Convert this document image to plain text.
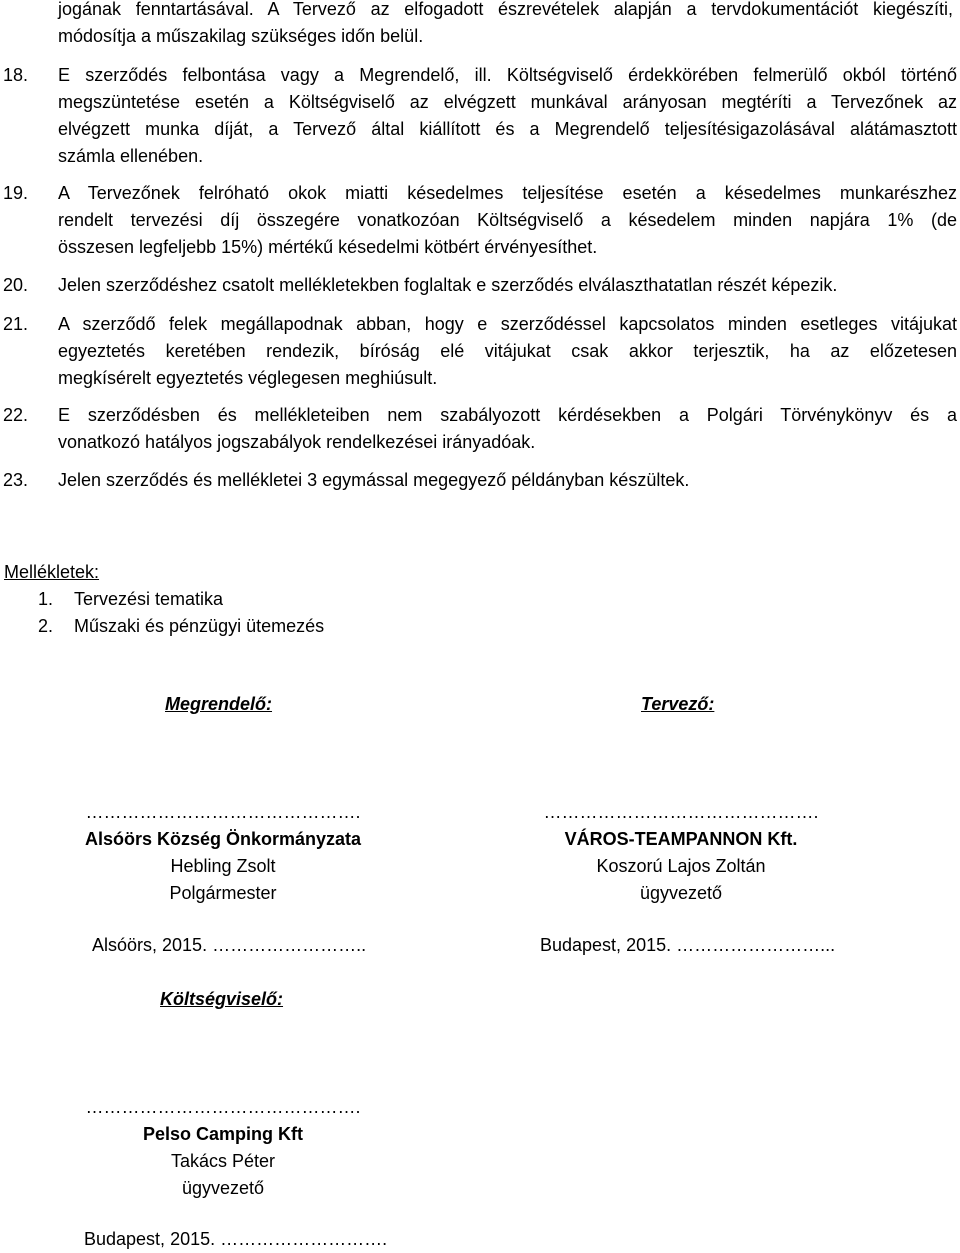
jogának fenntartásával. A Tervező az elfogadott észrevételek alapján a tervdokumentációt kiegészíti,
módosítja a műszakilag szükséges időn belül.
18. E szerződés felbontása vagy a Megrendelő, ill. Költségviselő érdekkörében felmerülő okból történő
megszüntetése esetén a Költségviselő az elvégzett munkával arányosan megtéríti a Tervezőnek az
elvégzett munka díját, a Tervező által kiállított és a Megrendelő teljesítésigazolásával alátámasztott
számla ellenében.
19. A Tervezőnek felróható okok miatti késedelmes teljesítése esetén a késedelmes munkarészhez
rendelt tervezési díj összegére vonatkozóan Költségviselő a késedelem minden napjára 1% (de
összesen legfeljebb 15%) mértékű késedelmi kötbért érvényesíthet.
20. Jelen szerződéshez csatolt mellékletekben foglaltak e szerződés elválaszthatatlan részét képezik.
21. A szerződő felek megállapodnak abban, hogy e szerződéssel kapcsolatos minden esetleges vitájukat
egyeztetés keretében rendezik, bíróság elé vitájukat csak akkor terjesztik, ha az előzetesen
megkísérelt egyeztetés véglegesen meghiúsult.
22. E szerződésben és mellékleteiben nem szabályozott kérdésekben a Polgári Törvénykönyv és a
vonatkozó hatályos jogszabályok rendelkezései irányadóak.
23. Jelen szerződés és mellékletei 3 egymással megegyező példányban készültek.
Mellékletek:
1. Tervezési tematika
2. Műszaki és pénzügyi ütemezés
Megrendelő:	Tervező:
……………………………………….
Alsóörs Község Önkormányzata
Hebling Zsolt
Polgármester
……………………………………….
VÁROS-TEAMPANNON Kft.
Koszorú Lajos Zoltán
ügyvezető
Alsóörs, 2015. ……………………..	Budapest, 2015. ……………………...
Költségviselő:
……………………………………….
Pelso Camping Kft
Takács Péter
ügyvezető
Budapest, 2015. ……………………….
